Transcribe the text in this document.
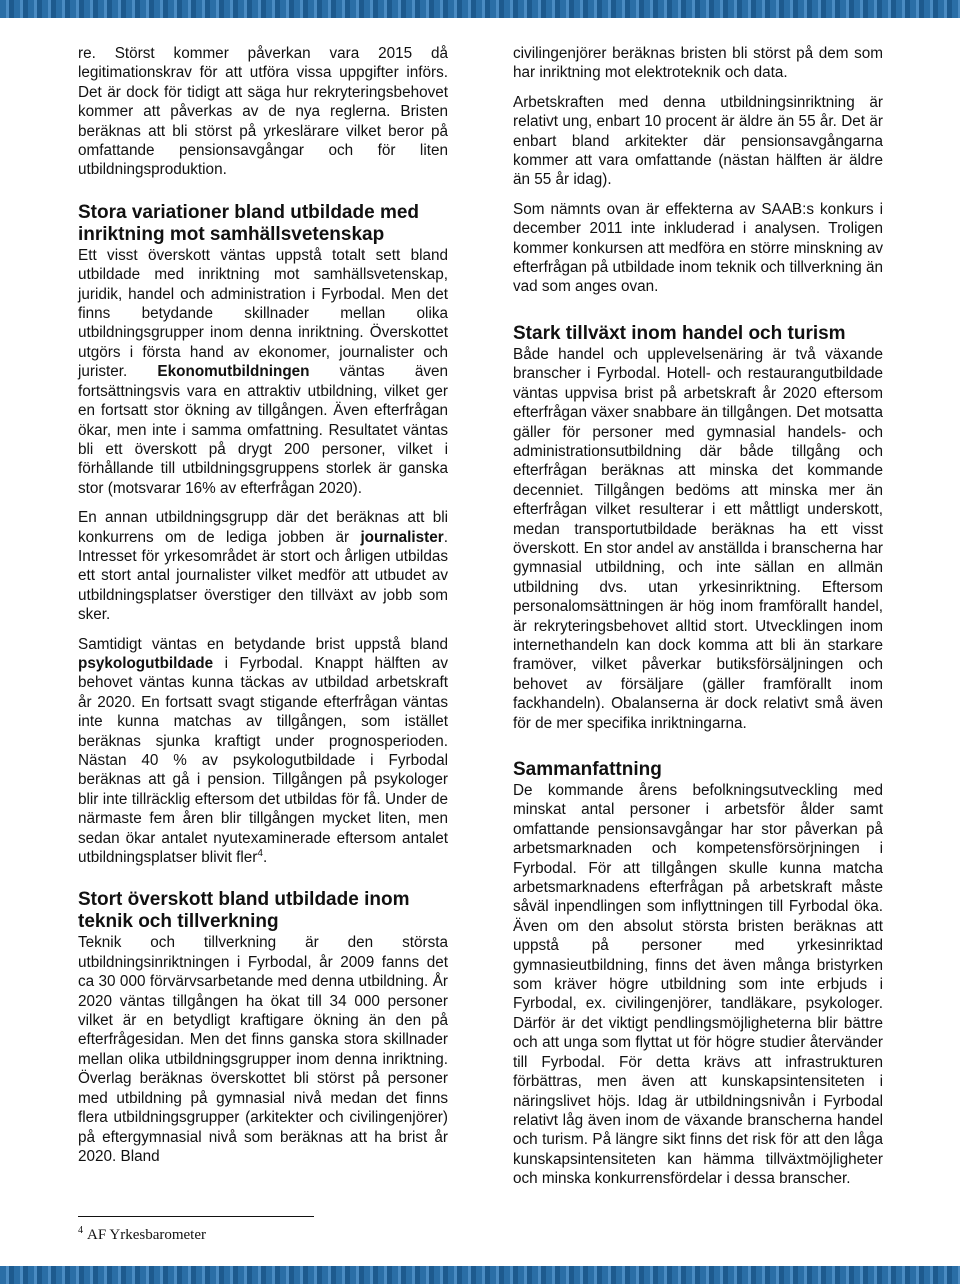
re. Störst kommer påverkan vara 2015 då legitimationskrav för att utföra vissa uppgifter införs. Det är dock för tidigt att säga hur rekryteringsbehovet kommer att påverkas av de nya reglerna. Bristen beräknas att bli störst på yrkeslärare vilket beror på omfattande pensionsavgångar och för liten utbildningsproduktion.

Stora variationer bland utbildade med inriktning mot samhällsvetenskap

Ett visst överskott väntas uppstå totalt sett bland utbildade med inriktning mot samhällsvetenskap, juridik, handel och administration i Fyrbodal. Men det finns betydande skillnader mellan olika utbildningsgrupper inom denna inriktning. Överskottet utgörs i första hand av ekonomer, journalister och jurister. Ekonomutbildningen väntas även fortsättningsvis vara en attraktiv utbildning, vilket ger en fortsatt stor ökning av tillgången. Även efterfrågan ökar, men inte i samma omfattning. Resultatet väntas bli ett överskott på drygt 200 personer, vilket i förhållande till utbildningsgruppens storlek är ganska stor (motsvarar 16% av efterfrågan 2020).

En annan utbildningsgrupp där det beräknas att bli konkurrens om de lediga jobben är journalister. Intresset för yrkesområdet är stort och årligen utbildas ett stort antal journalister vilket medför att utbudet av utbildningsplatser överstiger den tillväxt av jobb som sker.

Samtidigt väntas en betydande brist uppstå bland psykologutbildade i Fyrbodal. Knappt hälften av behovet väntas kunna täckas av utbildad arbetskraft år 2020. En fortsatt svagt stigande efterfrågan väntas inte kunna matchas av tillgången, som istället beräknas sjunka kraftigt under prognosperioden. Nästan 40 % av psykologutbildade i Fyrbodal beräknas att gå i pension. Tillgången på psykologer blir inte tillräcklig eftersom det utbildas för få. Under de närmaste fem åren blir tillgången mycket liten, men sedan ökar antalet nyutexaminerade eftersom antalet utbildningsplatser blivit fler$^4$.

Stort överskott bland utbildade inom teknik och tillverkning

Teknik och tillverkning är den största utbildningsinriktningen i Fyrbodal, år 2009 fanns det ca 30 000 förvärvsarbetande med denna utbildning. År 2020 väntas tillgången ha ökat till 34 000 personer vilket är en betydligt kraftigare ökning än den på efterfrågesidan. Men det finns ganska stora skillnader mellan olika utbildningsgrupper inom denna inriktning. Överlag beräknas överskottet bli störst på personer med utbildning på gymnasial nivå medan det finns flera utbildningsgrupper (arkitekter och civilingenjörer) på eftergymnasial nivå som beräknas att ha brist år 2020. Bland

civilingenjörer beräknas bristen bli störst på dem som har inriktning mot elektroteknik och data.

Arbetskraften med denna utbildningsinriktning är relativt ung, enbart 10 procent är äldre än 55 år. Det är enbart bland arkitekter där pensionsavgångarna kommer att vara omfattande (nästan hälften är äldre än 55 år idag).

Som nämnts ovan är effekterna av SAAB:s konkurs i december 2011 inte inkluderad i analysen. Troligen kommer konkursen att medföra en större minskning av efterfrågan på utbildade inom teknik och tillverkning än vad som anges ovan.

Stark tillväxt inom handel och turism

Både handel och upplevelsenäring är två växande branscher i Fyrbodal. Hotell- och restaurangutbildade väntas uppvisa brist på arbetskraft år 2020 eftersom efterfrågan växer snabbare än tillgången. Det motsatta gäller för personer med gymnasial handels- och administrationsutbildning där både tillgång och efterfrågan beräknas att minska det kommande decenniet. Tillgången bedöms att minska mer än efterfrågan vilket resulterar i ett måttligt underskott, medan transportutbildade beräknas ha ett visst överskott. En stor andel av anställda i branscherna har gymnasial utbildning, och inte sällan en allmän utbildning dvs. utan yrkesinriktning. Eftersom personalomsättningen är hög inom framförallt handel, är rekryteringsbehovet alltid stort. Utvecklingen inom internethandeln kan dock komma att bli än starkare framöver, vilket påverkar butiksförsäljningen och behovet av försäljare (gäller framförallt inom fackhandeln). Obalanserna är dock relativt små även för de mer specifika inriktningarna.

Sammanfattning

De kommande årens befolkningsutveckling med minskat antal personer i arbetsför ålder samt omfattande pensionsavgångar har stor påverkan på arbetsmarknaden och kompetensförsörjningen i Fyrbodal. För att tillgången skulle kunna matcha arbetsmarknadens efterfrågan på arbetskraft måste såväl inpendlingen som inflyttningen till Fyrbodal öka. Även om den absolut största bristen beräknas att uppstå på personer med yrkesinriktad gymnasieutbildning, finns det även många bristyrken som kräver högre utbildning som inte erbjuds i Fyrbodal, ex. civilingenjörer, tandläkare, psykologer. Därför är det viktigt pendlingsmöjligheterna blir bättre och att unga som flyttat ut för högre studier återvänder till Fyrbodal. För detta krävs att infrastrukturen förbättras, men även att kunskapsintensiteten i näringslivet höjs. Idag är utbildningsnivån i Fyrbodal relativt låg även inom de växande branscherna handel och turism. På längre sikt finns det risk för att den låga kunskapsintensiteten kan hämma tillväxtmöjligheter och minska konkurrensfördelar i dessa branscher.

$^4$ AF Yrkesbarometer
